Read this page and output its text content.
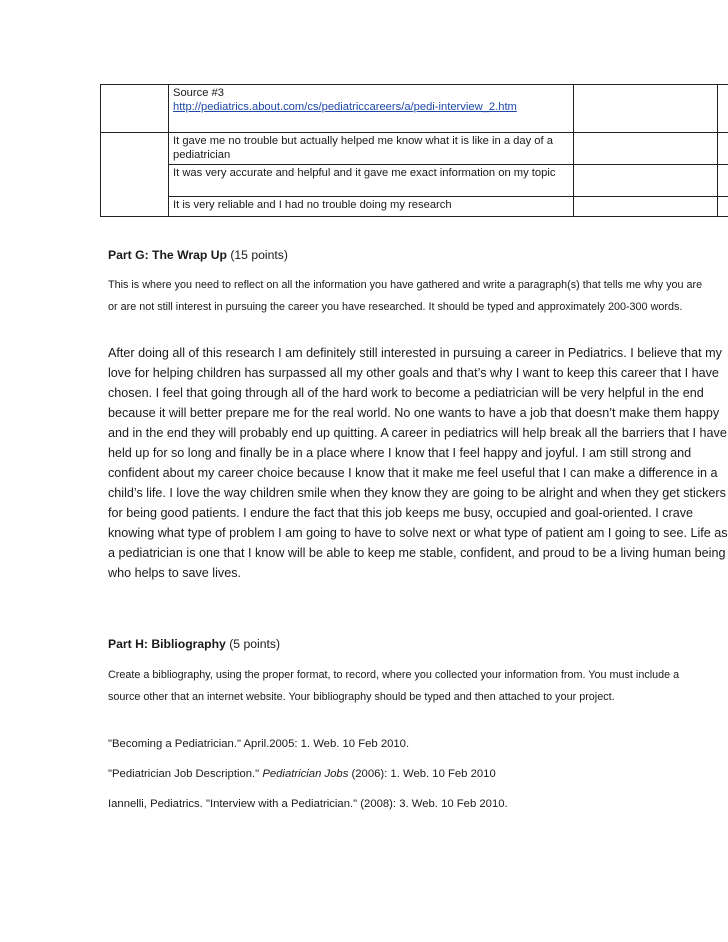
	Source #3
http://pediatrics.about.com/cs/pediatriccareers/a/pedi-interview_2.htm		

	It gave me no trouble but actually helped me know what it is like in a day of a pediatrician
It was very accurate and helpful and it gave me exact information on my topic
It is very reliable and I had no trouble doing my research		

Part G: The Wrap Up (15 points)
This is where you need to reflect on all the information you have gathered and write a paragraph(s) that tells me why you are or are not still interest in pursuing the career you have researched. It should be typed and approximately 200-300 words.
After doing all of this research I am definitely still interested in pursuing a career in Pediatrics. I believe that my love for helping children has surpassed all my other goals and that’s why I want to keep this career that I have chosen. I feel that going through all of the hard work to become a pediatrician will be very helpful in the end because it will better prepare me for the real world. No one wants to have a job that doesn’t make them happy and in the end they will probably end up quitting. A career in pediatrics will help break all the barriers that I have held up for so long and finally be in a place where I know that I feel happy and joyful. I am still strong and confident about my career choice because I know that it make me feel useful that I can make a difference in a child’s life. I love the way children smile when they know they are going to be alright and when they get stickers for being good patients. I endure the fact that this job keeps me busy, occupied and goal-oriented. I crave knowing what type of problem I am going to have to solve next or what type of patient am I going to see. Life as a pediatrician is one that I know will be able to keep me stable, confident, and proud to be a living human being who helps to save lives.
Part H: Bibliography (5 points)
Create a bibliography, using the proper format, to record, where you collected your information from. You must include a source other that an internet website. Your bibliography should be typed and then attached to your project.
"Becoming a Pediatrician." April.2005: 1. Web. 10 Feb 2010.
"Pediatrician Job Description." Pediatrician Jobs (2006): 1. Web. 10 Feb 2010
Iannelli, Pediatrics. "Interview with a Pediatrician." (2008): 3. Web. 10 Feb 2010.
